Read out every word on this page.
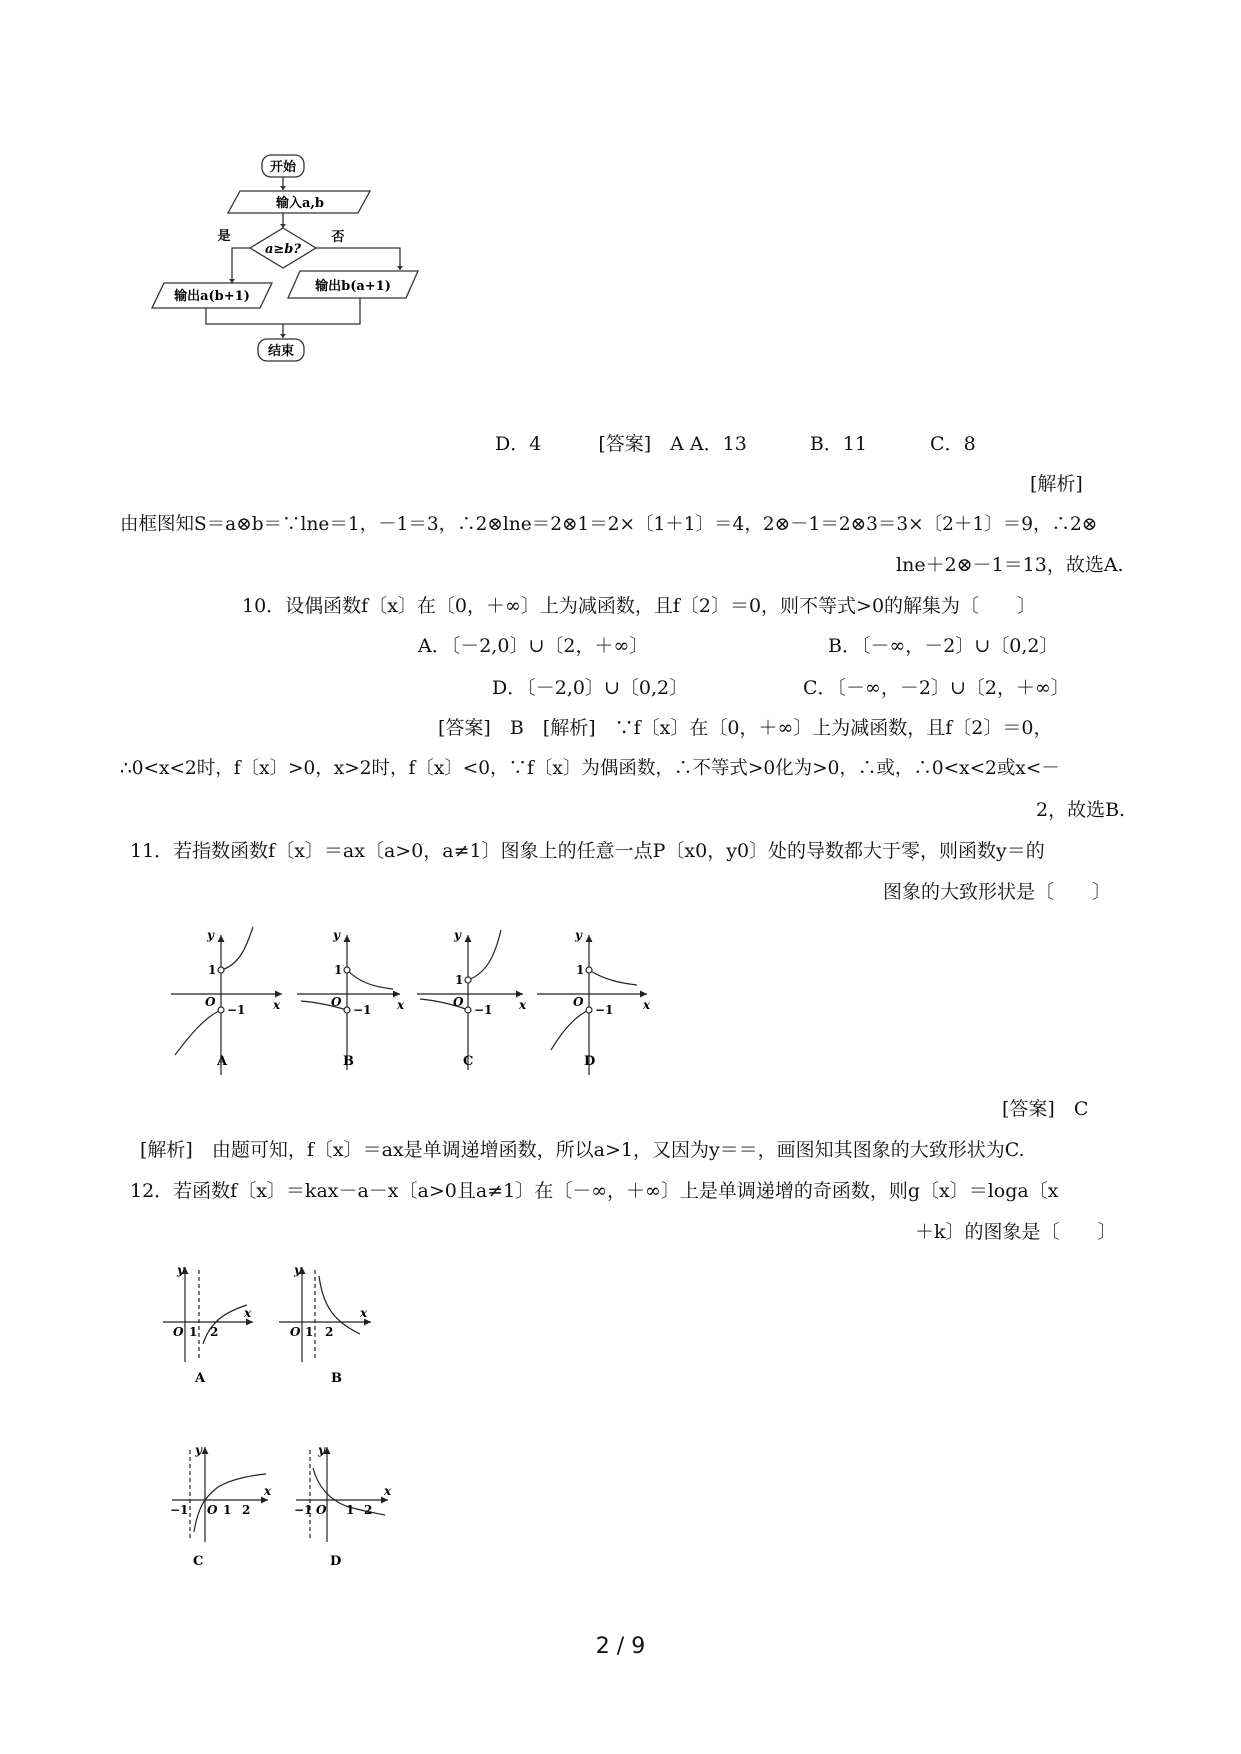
开始
输入a,b
a≥b?
是	否
输出a(b+1)
输出b(a+1)
结束
D．4　　　[答案]　A A．13　　　 B．11　　　 C．8
[解析]
由框图知S＝a⊗b＝∵lne＝1，－1＝3，∴2⊗lne＝2⊗1＝2×〔1＋1〕＝4，2⊗－1＝2⊗3＝3×〔2＋1〕＝9，∴2⊗
lne＋2⊗－1＝13，故选A.
10．设偶函数f〔x〕在〔0，＋∞〕上为减函数，且f〔2〕＝0，则不等式>0的解集为〔　　〕
A．〔－2,0〕∪〔2，＋∞〕	B．〔－∞，－2〕∪〔0,2〕
D．〔－2,0〕∪〔0,2〕	C．〔－∞，－2〕∪〔2，＋∞〕
[答案]　B　[解析]　∵f〔x〕在〔0，＋∞〕上为减函数，且f〔2〕＝0，
∴0<x<2时，f〔x〕>0，x>2时，f〔x〕<0，∵f〔x〕为偶函数，∴不等式>0化为>0，∴或，∴0<x<2或x<－
2，故选B.
11．若指数函数f〔x〕＝ax〔a>0，a≠1〕图象上的任意一点P〔x0，y0〕处的导数都大于零，则函数y＝的
图象的大致形状是〔　　〕
y
1
O
−1 x
A
y
1
O
−1 x
B
y
1
O
−1 x
C
y
1
O
−1 x
D
[答案]　C
[解析]　由题可知，f〔x〕＝ax是单调递增函数，所以a>1，又因为y＝＝，画图知其图象的大致形状为C.
12．若函数f〔x〕＝kax－a－x〔a>0且a≠1〕在〔－∞，＋∞〕上是单调递增的奇函数，则g〔x〕＝loga〔x
＋k〕的图象是〔　　〕
y
x
O 1 2
A
y
x
O 1 2
B
y
x
−1 O 1 2
C
y
x
−1 O 1 2
D
2 / 9
